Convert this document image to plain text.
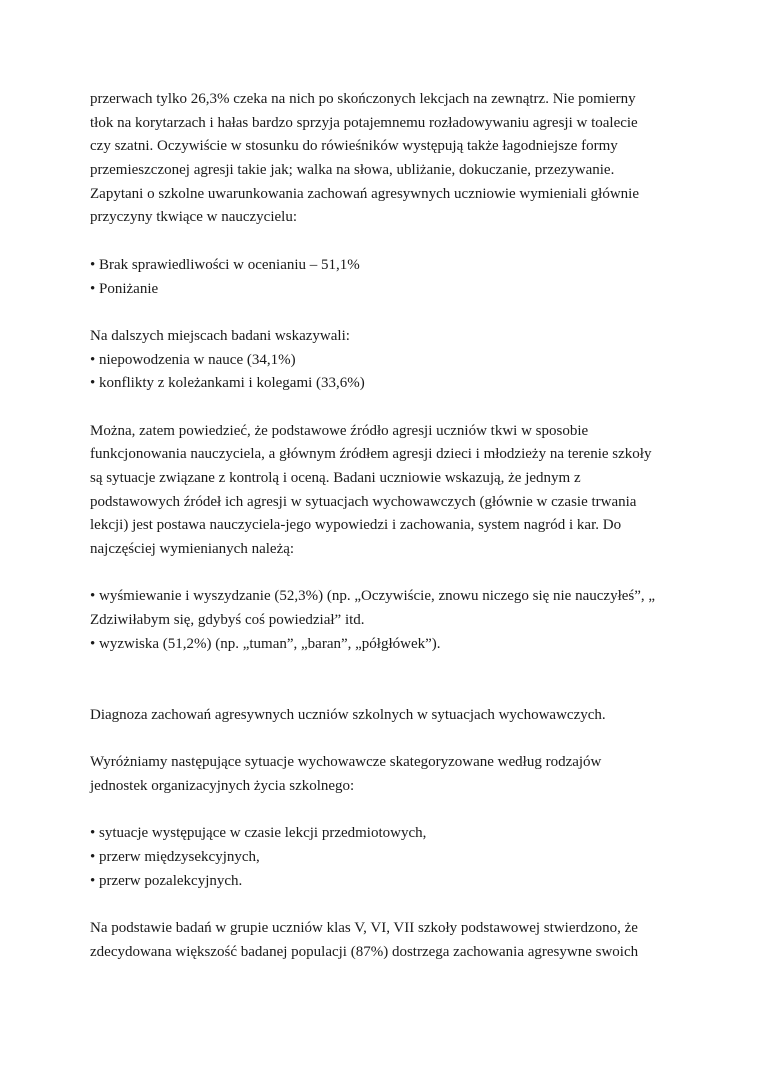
przerwach tylko 26,3% czeka na nich po skończonych lekcjach na zewnątrz. Nie pomierny
tłok na korytarzach i hałas bardzo sprzyja potajemnemu rozładowywaniu agresji w toalecie
czy szatni. Oczywiście w stosunku do rówieśników występują także łagodniejsze formy
przemieszczonej agresji takie jak; walka na słowa, ubliżanie, dokuczanie, przezywanie.
Zapytani o szkolne uwarunkowania zachowań agresywnych uczniowie wymieniali głównie
przyczyny tkwiące w nauczycielu:
• Brak sprawiedliwości w ocenianiu – 51,1%
• Poniżanie
Na dalszych miejscach badani wskazywali:
• niepowodzenia w nauce (34,1%)
• konflikty z koleżankami i kolegami (33,6%)
Można, zatem powiedzieć, że podstawowe źródło agresji uczniów tkwi w sposobie
funkcjonowania nauczyciela, a głównym źródłem agresji dzieci i młodzieży na terenie szkoły
są sytuacje związane z kontrolą i oceną. Badani uczniowie wskazują, że jednym z
podstawowych źródeł ich agresji w sytuacjach wychowawczych (głównie w czasie trwania
lekcji) jest postawa nauczyciela-jego wypowiedzi i zachowania, system nagród i kar. Do
najczęściej wymienianych należą:
• wyśmiewanie i wyszydzanie (52,3%) (np. „Oczywiście, znowu niczego się nie nauczyłeś”, „
Zdziwiłabym się, gdybyś coś powiedział” itd.
• wyzwiska (51,2%) (np. „tuman”, „baran”, „półgłówek”).
Diagnoza zachowań agresywnych uczniów szkolnych w sytuacjach wychowawczych.
Wyróżniamy następujące sytuacje wychowawcze skategoryzowane według rodzajów
jednostek organizacyjnych życia szkolnego:
• sytuacje występujące w czasie lekcji przedmiotowych,
• przerw międzysekcyjnych,
• przerw pozalekcyjnych.
Na podstawie badań w grupie uczniów klas V, VI, VII szkoły podstawowej stwierdzono, że
zdecydowana większość badanej populacji (87%) dostrzega zachowania agresywne swoich
